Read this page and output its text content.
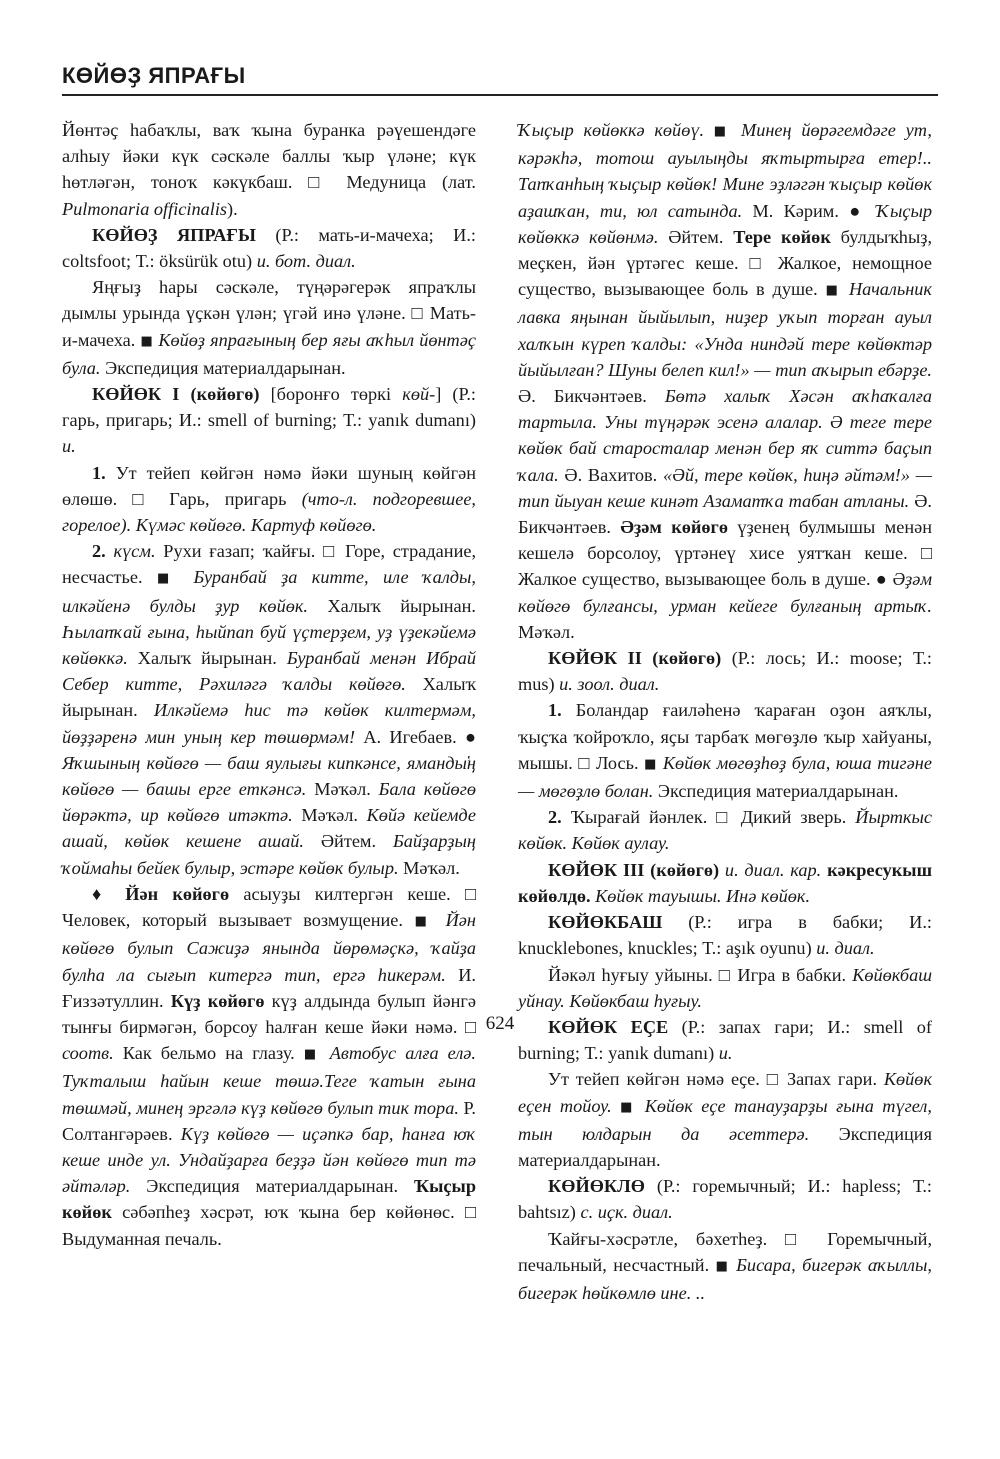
КӨЙӨҘ ЯПРАҒЫ

Йөнтәҫ һабаҡлы, ваҡ ҡына буранка рәүешендәге алһыу йәки күк сәскәле баллы ҡыр үләне; күк һөтләгән, тоноҡ кәкүкбаш. □ Медуница (лат. Pulmonaria officinalis).

КӨЙӨҘ ЯПРАҒЫ (Р.: мать-и-мачеха; И.: coltsfoot; Т.: öksürük otu) и. бот. диал.

Яңғыҙ һары сәскәле, түңәрәгерәк япраҡлы дымлы урында үҫкән үлән; үгәй инә үләне. □ Мать-и-мачеха. ■ Көйөҙ япрағының бер яғы аҡһыл йөнтәҫ була. Экспедиция материалдарынан.

КӨЙӨК I (көйөгө) [боронғо төркі көй-] (Р.: гарь, пригарь; И.: smell of burning; Т.: yanık dumanı) и.

1. Ут тейеп көйгән нәмә йәки шуның көйгән өлөшө. □ Гарь, пригарь (что-л. подгоревшее, горелое). Күмәс көйөгө. Картуф көйөгө.

2. күсм. Рухи ғазап; ҡайғы. □ Горе, страдание, несчастье. ■ Буранбай ҙа китте, иле ҡалды, илкәйенә булды ҙур көйөк. Халыҡ йырынан. Һылапҡай ғына, һыйпап буй үҫтерҙем, уҙ үҙекәйемә көйөккә. Халыҡ йырынан. Буранбай менән Ибрай Себер китте, Рәхиләгә ҡалды көйөгө. Халыҡ йырынан. Илкәйемә һис тә көйөк килтермәм, йөҙҙәренә мин уның кер төшөрмәм! А. Игебаев. ● Яҡшының көйөгө — баш яулығы кипкәнсе, яманды҅ң көйөгө — башы ерге еткәнсә. Мәҡәл. Бала көйөгө йөрәктә, ир көйөгө итәктә. Мәҡәл. Көйә кейемде ашай, көйөк кешене ашай. Әйтем. Байҙарҙың ҡоймаһы бейек булыр, эстәре көйөк булыр. Мәҡәл.

♦ Йән көйөгө асыуҙы килтергән кеше. □ Человек, который вызывает возмущение. ■ Йән көйөгө булып Сажиҙә янында йөрөмәҫкә, ҡайҙа булһа ла сығып китергә тип, ергә һикерәм. И. Ғиззәтуллин. Күҙ көйөгө күҙ алдында булып йәнгә тынғы бирмәгән, борсоу һалған кеше йәки нәмә. □ соотв. Как бельмо на глазу. ■ Автобус алға елә. Туҡталыш һайын кеше төшә.Теге ҡатын ғына төшмәй, минең эргәлә күҙ көйөгө булып тик тора. Р. Солтангәрәев. Күҙ көйөгө — иҫәпкә бар, һанға юҡ кеше инде ул. Ундайҙарға беҙҙә йән көйөгө тип тә әйтәләр. Экспедиция материалдарынан. Ҡыҫыр көйөк сәбәпһеҙ хәсрәт, юҡ ҡына бер көйөнөс. □ Выдуманная печаль.

Ҡыҫыр көйөккә көйөү. ■ Минең йөрәгемдәге ут, кәрәкһә, тотош ауылыңды яҡтыртырға етер!.. Тапҡанһың ҡыҫыр көйөк! Мине эҙләгән ҡыҫыр көйөк аҙашҡан, ти, юл сатында. М. Кәрим. ● Ҡыҫыр көйөккә көйөнмә. Әйтем. Тере көйөк булдыҡһыҙ, меҫкен, йән үртәгес кеше. □ Жалкое, немощное существо, вызывающее боль в душе. ■ Начальник лавка яңынан йыйылып, ниҙер уҡып торған ауыл халҡын күреп ҡалды: «Унда ниндәй тере көйөктәр йыйылған? Шуны белеп кил!» — тип аҡырып ебәрҙе. Ә. Бикчәнтәев. Бөтә халыҡ Хәсән аҡһаҡалға тартыла. Уны түңәрәк эсенә алалар. Ә теге тере көйөк бай старосталар менән бер яҡ ситтә баҫып ҡала. Ә. Вахитов. «Әй, тере көйөк, һиңә әйтәм!» — тип йыуан кеше кинәт Азаматҡа табан атланы. Ә. Бикчәнтәев. Әҙәм көйөгө үҙенең булмышы менән кешелә борсолоу, үртәнеү хисе уятҡан кеше. □ Жалкое существо, вызывающее боль в душе. ● Әҙәм көйөгө булғансы, урман кейеге булғаның артыҡ. Мәҡәл.

КӨЙӨК II (көйөгө) (Р.: лось; И.: moose; Т.: mus) и. зоол. диал.

1. Боландар ғаиләһенә ҡараған оҙон аяҡлы, ҡыҫҡа ҡойроҡло, яҫы тарбаҡ мөгөҙлө ҡыр хайуаны, мышы. □ Лось. ■ Көйөк мөгөҙһөҙ була, юша тигәне — мөгөҙлө болан. Экспедиция материалдарынан.

2. Ҡырағай йәнлек. □ Дикий зверь. Йырткыс көйөк. Көйөк аулау.

КӨЙӨК III (көйөгө) и. диал. кар. кәкресукыш көйөлдө. Көйөк тауышы. Инә көйөк.

КӨЙӨКБАШ (Р.: игра в бабки; И.: knucklebones, knuckles; Т.: aşık oyunu) и. диал.

Йәкәл һуғыу уйыны. □ Игра в бабки. Көйөкбаш уйнау. Көйөкбаш һуғыу.

КӨЙӨК ЕҪЕ (Р.: запах гари; И.: smell of burning; Т.: yanık dumanı) и.

Ут тейеп көйгән нәмә еҫе. □ Запах гари. Көйөк еҫен тойоу. ■ Көйөк еҫе танауҙарҙы ғына түгел, тын юлдарын да әсеттерә. Экспедиция материалдарынан.

КӨЙӨКЛӨ (Р.: горемычный; И.: hapless; Т.: bahtsız) с. иҫк. диал.

Ҡайғы-хәсрәтле, бәхетһеҙ. □ Горемычный, печальный, несчастный. ■ Бисара, бигерәк аҡыллы, бигерәк һөйкөмлө ине. ..

624
